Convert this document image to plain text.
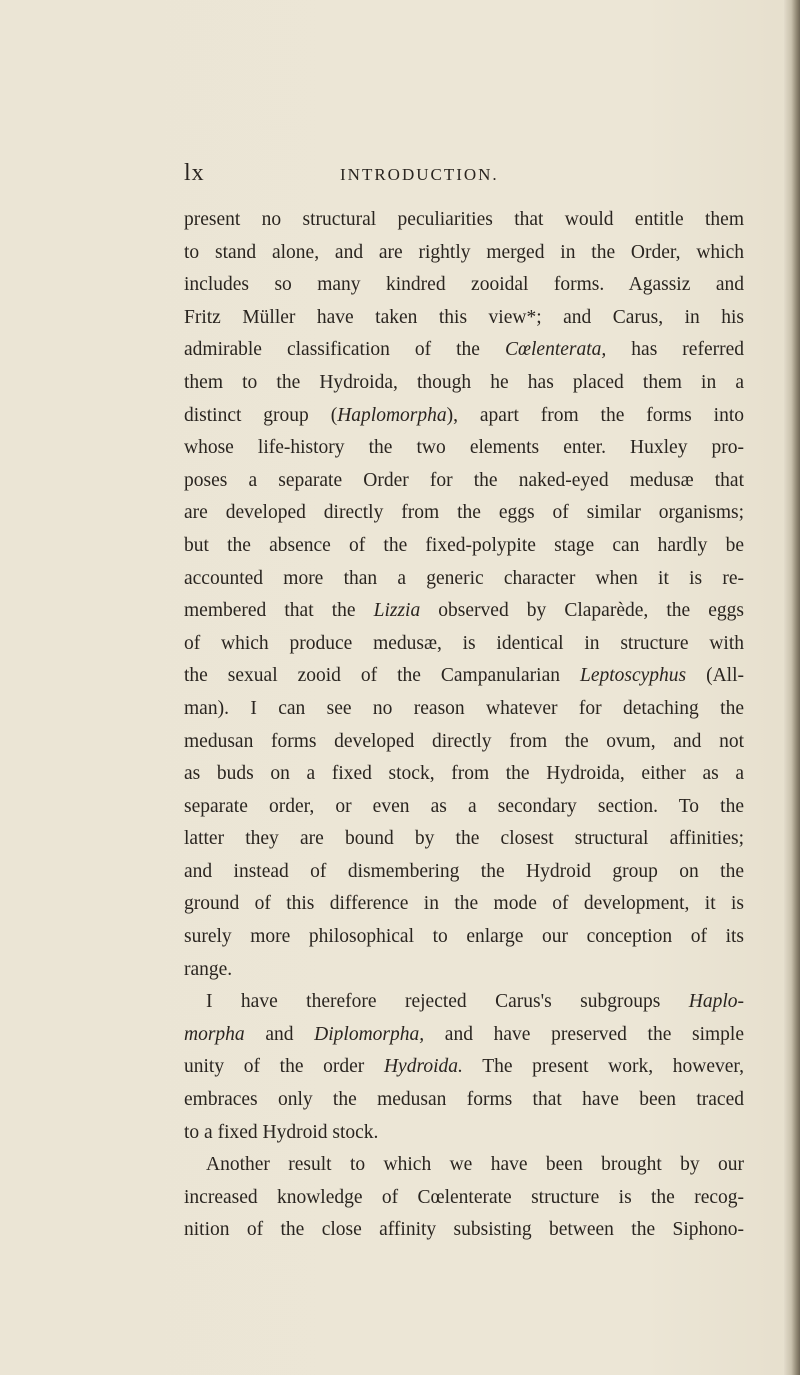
lx	INTRODUCTION.
present no structural peculiarities that would entitle them
to stand alone, and are rightly merged in the Order, which
includes so many kindred zooidal forms. Agassiz and
Fritz Müller have taken this view*; and Carus, in his
admirable classification of the Cœlenterata, has referred
them to the Hydroida, though he has placed them in a
distinct group (Haplomorpha), apart from the forms into
whose life-history the two elements enter. Huxley pro-
poses a separate Order for the naked-eyed medusæ that
are developed directly from the eggs of similar organisms;
but the absence of the fixed-polypite stage can hardly be
accounted more than a generic character when it is re-
membered that the Lizzia observed by Claparède, the eggs
of which produce medusæ, is identical in structure with
the sexual zooid of the Campanularian Leptoscyphus (All-
man). I can see no reason whatever for detaching the
medusan forms developed directly from the ovum, and not
as buds on a fixed stock, from the Hydroida, either as a
separate order, or even as a secondary section. To the
latter they are bound by the closest structural affinities;
and instead of dismembering the Hydroid group on the
ground of this difference in the mode of development, it is
surely more philosophical to enlarge our conception of its
range.
I have therefore rejected Carus's subgroups Haplo-
morpha and Diplomorpha, and have preserved the simple
unity of the order Hydroida. The present work, however,
embraces only the medusan forms that have been traced
to a fixed Hydroid stock.
Another result to which we have been brought by our
increased knowledge of Cœlenterate structure is the recog-
nition of the close affinity subsisting between the Siphono-
